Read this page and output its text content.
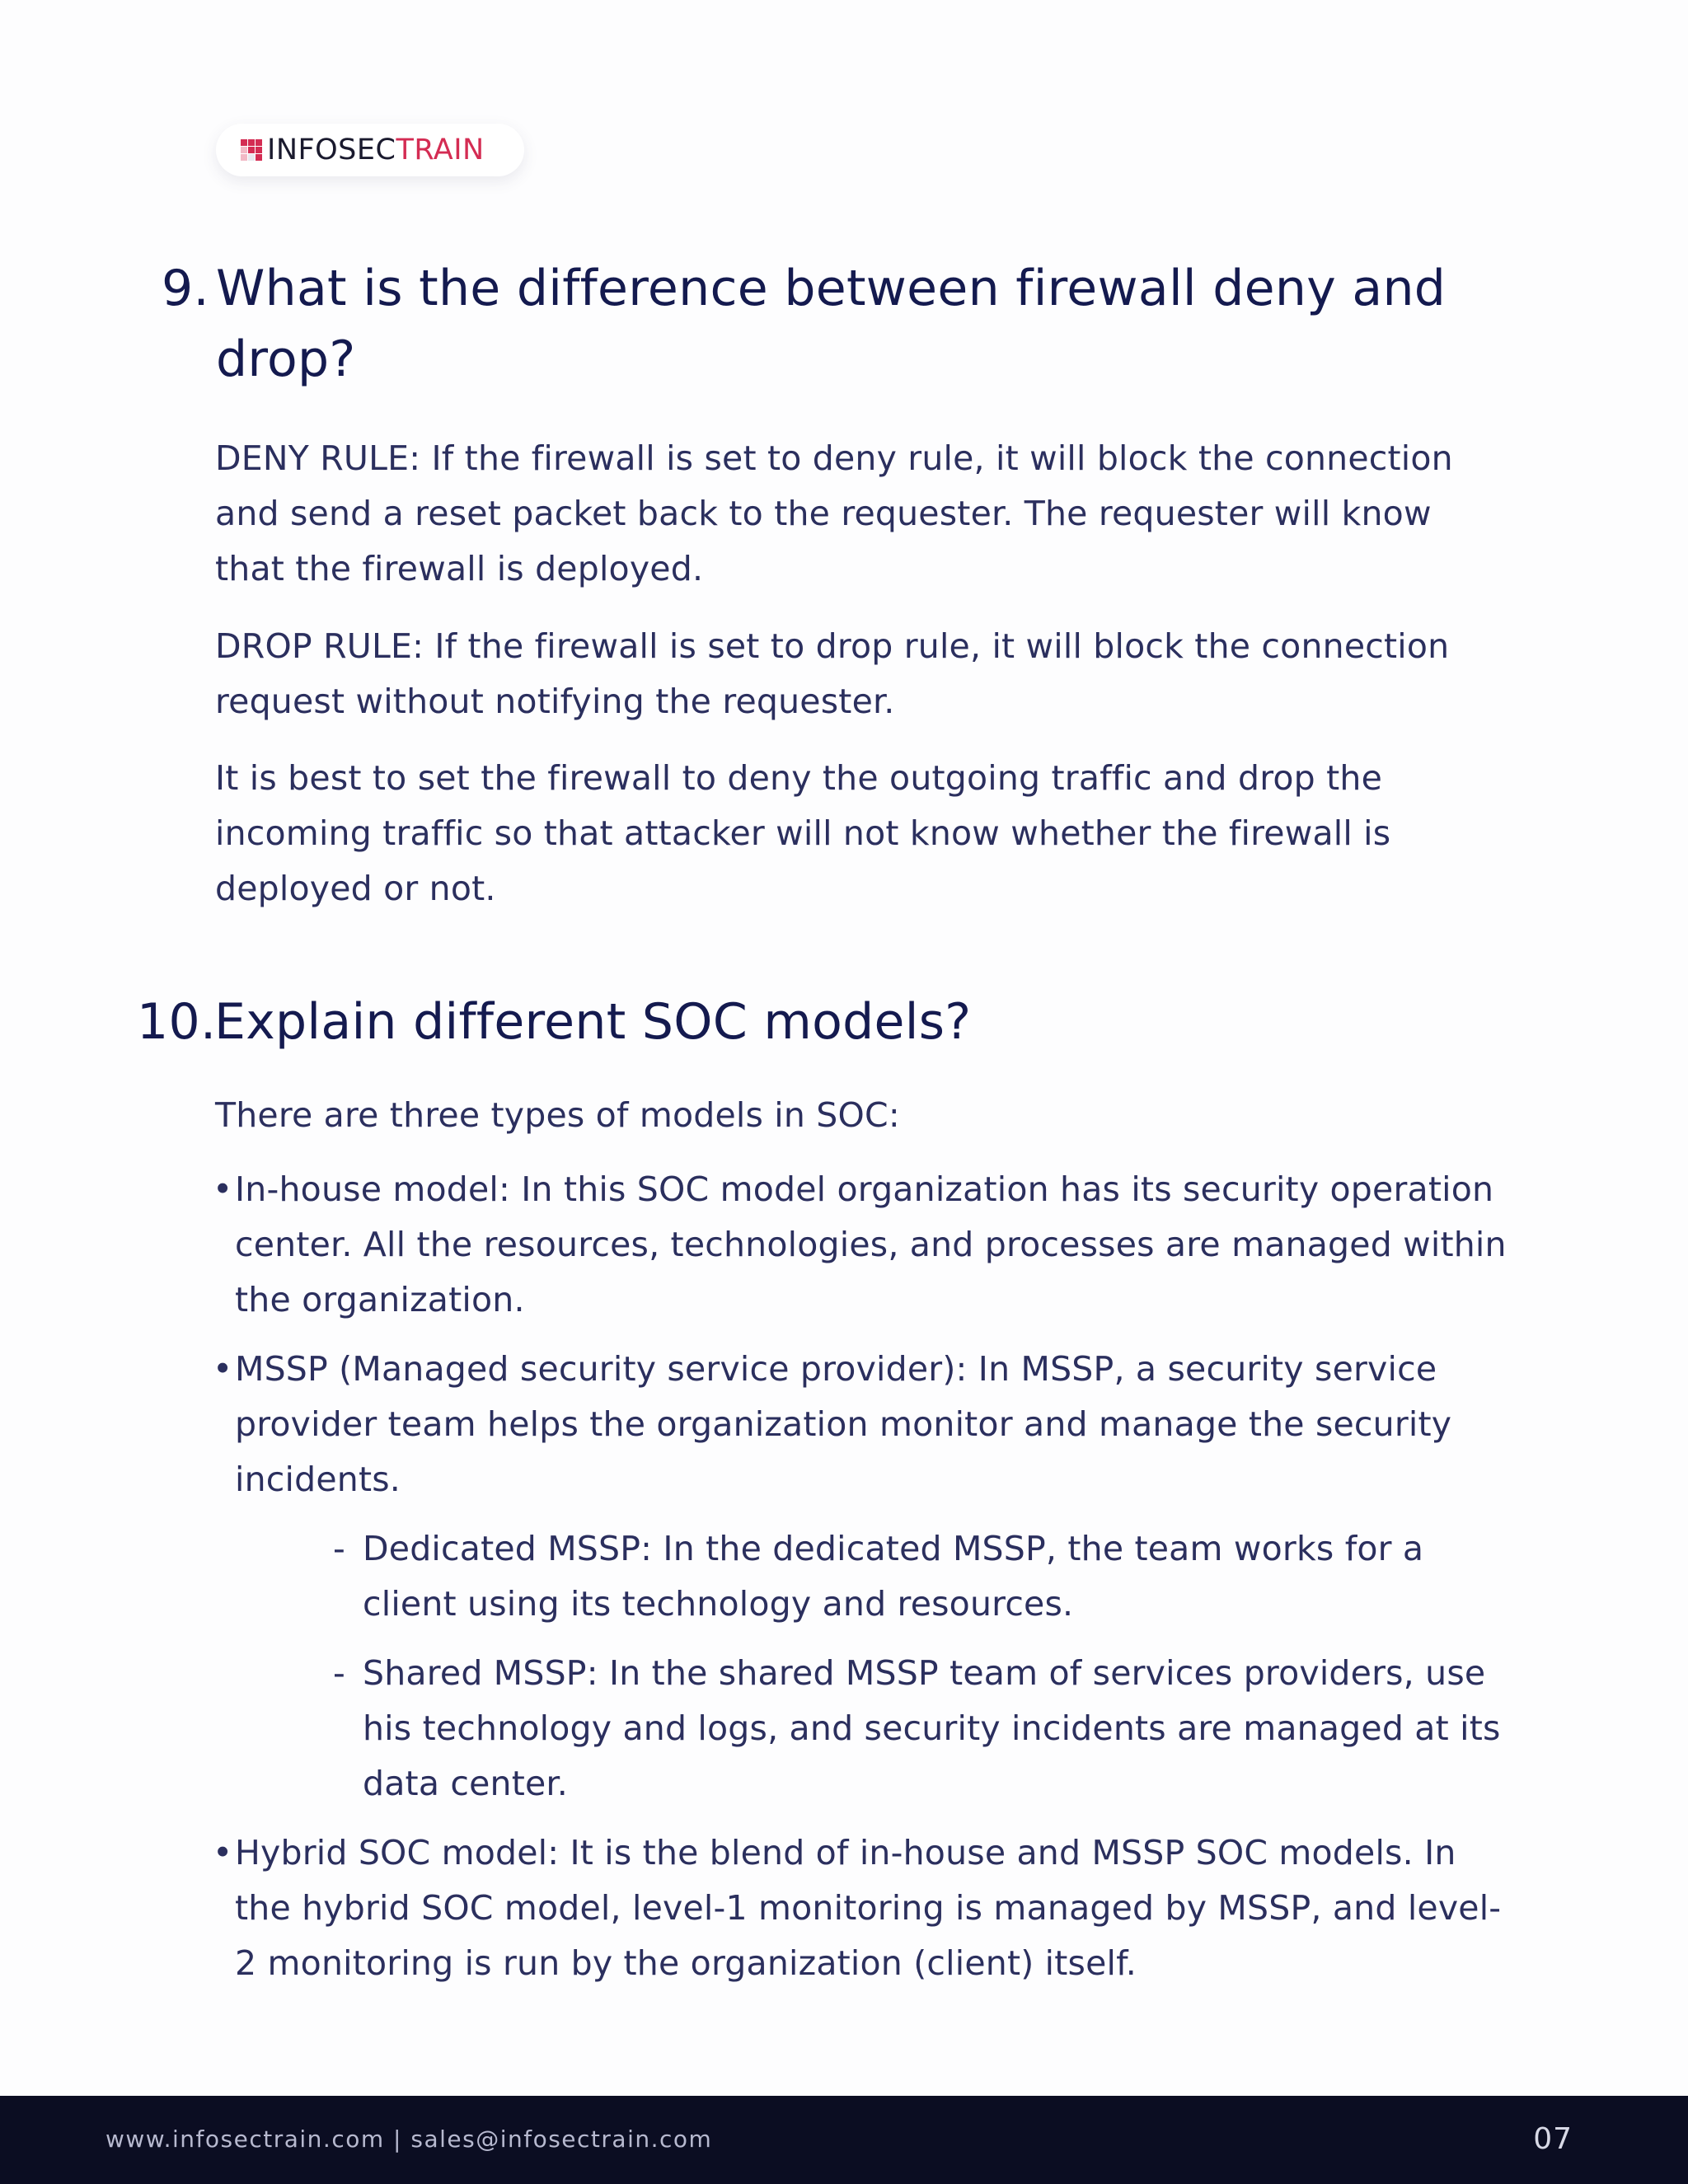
INFOSECTRAIN
9. What is the difference between firewall deny and
drop?

DENY RULE: If the firewall is set to deny rule, it will block the connection and send a reset packet back to the requester. The requester will know that the firewall is deployed.

DROP RULE: If the firewall is set to drop rule, it will block the connection request without notifying the requester.

It is best to set the firewall to deny the outgoing traffic and drop the incoming traffic so that attacker will not know whether the firewall is deployed or not.

10.Explain different SOC models?

There are three types of models in SOC:

• In-house model: In this SOC model organization has its security operation center. All the resources, technologies, and processes are managed within the organization.
• MSSP (Managed security service provider): In MSSP, a security service provider team helps the organization monitor and manage the security incidents.
- Dedicated MSSP: In the dedicated MSSP, the team works for a client using its technology and resources.
- Shared MSSP: In the shared MSSP team of services providers, use his technology and logs, and security incidents are managed at its data center.
• Hybrid SOC model: It is the blend of in-house and MSSP SOC models. In the hybrid SOC model, level-1 monitoring is managed by MSSP, and level-2 monitoring is run by the organization (client) itself.
www.infosectrain.com | sales@infosectrain.com	07
